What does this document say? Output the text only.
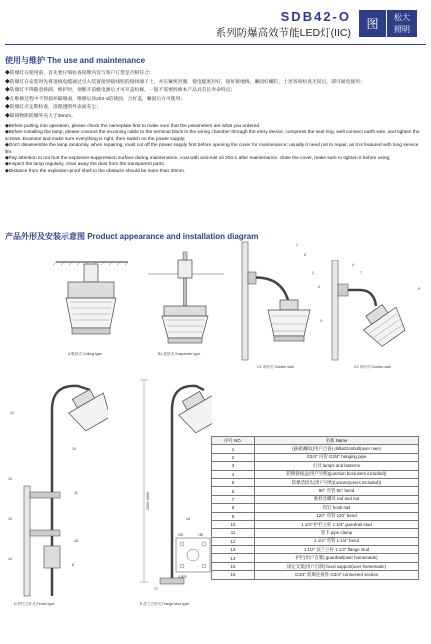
SDB42-O
系列防爆高效节能LED灯(IIC)
图	松大
照明
使用与维护 The use and maintenance

◆防爆灯在使用前，首先要仔细检查铭牌内容与客户订货是否相符合；

◆防爆灯在安装时先将进线电缆通过引入装置接到接线腔的接线端子上，并压紧密封圈，使电缆密封好，接好接地线，紧固好螺钉，上述各项检查无误后，即可通电使用；

◆防爆灯不得随意拆卸，维护时，须断开前级电源后才可开盖检修，一般不需要拆修本产品具有长寿命特点；

◆在维修过程中不得损坏隔爆面，维修后涂204-1防锈油，合好盖，紧固后方可使用；

◆防爆灯应定期检查，清理透明件表面灰尘；

◆障碍物距防爆外壳大于30mm。

◆Before putting into operation, please check the nameplate first to make sure that the parameters are what you ordered.

◆Before installing the lamp, please connect the incoming cable to the terminal block in the wiring chamber through the entry device, compress the seal ring, well connect earth wire, and tighten the screws. Examine and make sure everything is right, then switch on the power supply;

◆Don't disassemble the lamp randomly, when repairing, must cut off the power supply first before opening the cover for maintenance; usually it need not to repair, as it is featured with long service life.

◆Pay attention to not hurt the explosion-suppression surface during maintenance, coat with anti-rust oil 204-1 after maintenance, close the cover, make sure to tighten it before using;

◆Inspect the lamp regularly, clear away the dust from the transparent parts.

◆Distance from the explosion-proof shell to the obstacle should be more than 30mm.

产品外形及安装示意图 Product appearance and installation diagram
A 吸顶式 Ceiling type	B1 管吊式 Suspender type
1
6
2
4
3
C1 弯杆式 Suction wall
4
7
9
C2 弯杆式 Suction wall
12
10
13
11
15
16
14
8
D 护栏立杆式 Fence type
2500~3000
200
4-Φ20
180
17
14
E 法兰立杆式 Flange stud type
序号 NO.	名称 Name
1	(悬板)螺纹(用户自备) drillat/zonbolt(user own)
2	G3/4" 吊管 G3/4" hanging pipe
3	灯具 lamps and lanterns
4	防爆接线盒(用户另购)(junction box(users included))
5	防爆活接头(用户另购)(unions(users included))
6	90° 弯管 90° bend
7	胀栓及螺母 rod and nut
8	钩钉 hook nail
9	120° 弯管 120° bend
10	1 1/4" 护栏立杆 1 1/4" guardrail stud
11	管卡 pipe clamp
12	1 1/4" 弯管 1 1/4" bend
13	1 1/2" 法兰立杆 1 1/2" flange stud
14	护栏(用户自制) guardrail(user homemade)
15	固定支架(用户自制) fixed support(user homemade)
16	G3/4" 防爆连接件 G3/4" connected section
